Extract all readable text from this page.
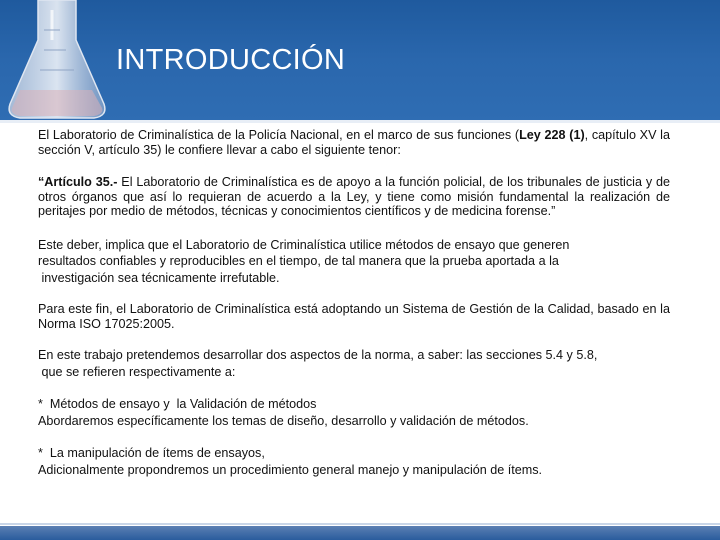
INTRODUCCIÓN

El Laboratorio de Criminalística de la Policía Nacional, en el marco de sus funciones (Ley 228 (1), capítulo XV la sección V, artículo 35) le confiere llevar a cabo el siguiente tenor:

“Artículo 35.- El Laboratorio de Criminalística es de apoyo a la función policial, de los tribunales de justicia y de otros órganos que así lo requieran de acuerdo a la Ley, y tiene como misión fundamental la realización de peritajes por medio de métodos, técnicas y conocimientos científicos y de medicina forense.”

Este deber, implica que el Laboratorio de Criminalística utilice métodos de ensayo que generen
resultados confiables y reproducibles en el tiempo, de tal manera que la prueba aportada a la
investigación sea técnicamente irrefutable.

Para este fin, el Laboratorio de Criminalística está adoptando un Sistema de Gestión de la Calidad, basado en la  Norma ISO 17025:2005.

En este trabajo pretendemos desarrollar dos aspectos de la norma, a saber: las secciones 5.4 y 5.8,
que se refieren respectivamente a:

*  Métodos de ensayo y  la Validación de métodos
Abordaremos específicamente los temas de diseño, desarrollo y validación de métodos.

*  La manipulación de ítems de ensayos,
Adicionalmente propondremos un procedimiento general manejo y manipulación de ítems.
